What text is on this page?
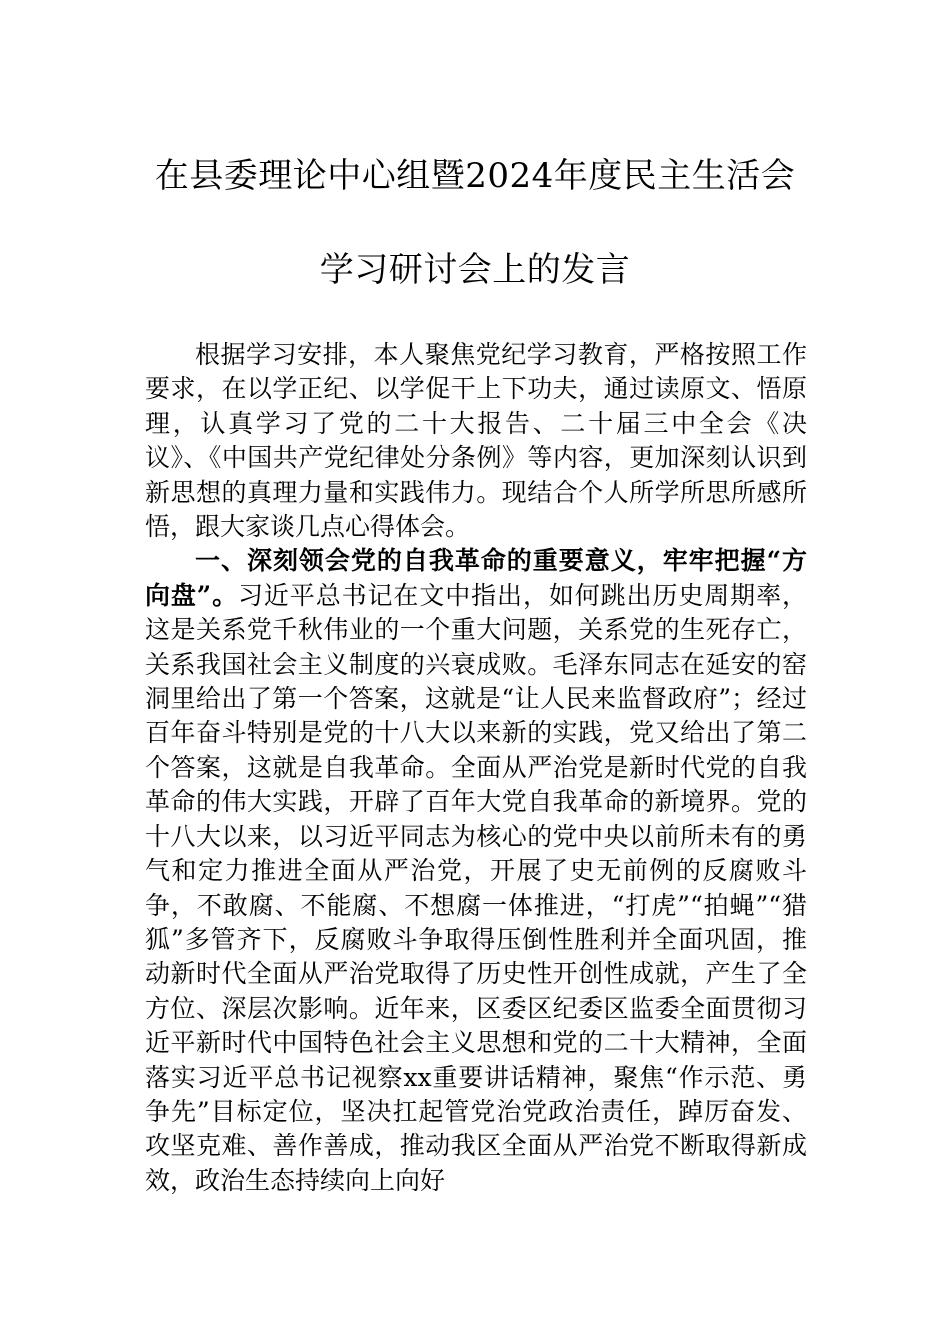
在县委理论中心组暨2024年度民主生活会
学习研讨会上的发言

根据学习安排，本人聚焦党纪学习教育，严格按照工作要求，在以学正纪、以学促干上下功夫，通过读原文、悟原理，认真学习了党的二十大报告、二十届三中全会《决议》、《中国共产党纪律处分条例》等内容，更加深刻认识到新思想的真理力量和实践伟力。现结合个人所学所思所感所悟，跟大家谈几点心得体会。

一、深刻领会党的自我革命的重要意义，牢牢把握“方向盘”。习近平总书记在文中指出，如何跳出历史周期率，这是关系党千秋伟业的一个重大问题，关系党的生死存亡，关系我国社会主义制度的兴衰成败。毛泽东同志在延安的窑洞里给出了第一个答案，这就是“让人民来监督政府”；经过百年奋斗特别是党的十八大以来新的实践，党又给出了第二个答案，这就是自我革命。全面从严治党是新时代党的自我革命的伟大实践，开辟了百年大党自我革命的新境界。党的十八大以来，以习近平同志为核心的党中央以前所未有的勇气和定力推进全面从严治党，开展了史无前例的反腐败斗争，不敢腐、不能腐、不想腐一体推进，“打虎”“拍蝇”“猎狐”多管齐下，反腐败斗争取得压倒性胜利并全面巩固，推动新时代全面从严治党取得了历史性开创性成就，产生了全方位、深层次影响。近年来，区委区纪委区监委全面贯彻习近平新时代中国特色社会主义思想和党的二十大精神，全面落实习近平总书记视察xx重要讲话精神，聚焦“作示范、勇争先”目标定位，坚决扛起管党治党政治责任，踔厉奋发、攻坚克难、善作善成，推动我区全面从严治党不断取得新成效，政治生态持续向上向好
